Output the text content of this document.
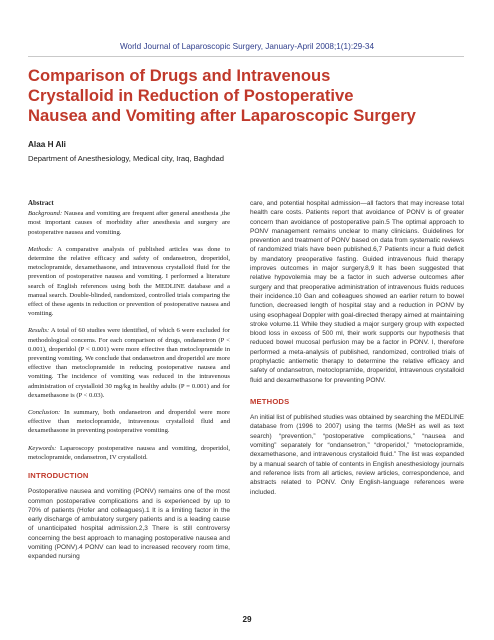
World Journal of Laparoscopic Surgery, January-April 2008;1(1):29-34
Comparison of Drugs and Intravenous
Crystalloid in Reduction of Postoperative
Nausea and Vomiting after Laparoscopic Surgery
Alaa H Ali
Department of Anesthesiology, Medical city, Iraq, Baghdad
Abstract

Background: Nausea and vomiting are frequent after general anesthesia ,the most important causes of morbidity after anesthesia and surgery are postoperative nausea and vomiting.

Methods: A comparative analysis of published articles was done to determine the relative efficacy and safety of ondansetron, droperidol, metoclopramide, dexamethasone, and intravenous crystalloid fluid for the prevention of postoperative nausea and vomiting. I performed a literature search of English references using both the MEDLINE database and a manual search. Double-blinded, randomized, controlled trials comparing the effect of these agents in reduction or prevention of postoperative nausea and vomiting.

Results: A total of 60 studies were identified, of which 6 were excluded for methodological concerns. For each comparison of drugs, ondansetron (P < 0.001), droperidol (P < 0.001) were more effective than metoclopramide in preventing vomiting. We conclude that ondansetron and droperidol are more effective than metoclopramide in reducing postoperative nausea and vomiting. The incidence of vomiting was reduced in the intravenous administration of crystalloid 30 mg/kg in healthy adults (P = 0.001) and for dexamethasone is (P < 0.03).

Conclusion: In summary, both ondansetron and droperidol were more effective than metoclopramide, intravenous crystalloid fluid and dexamethasone in preventing postoperative vomiting.

Keywords: Laparoscopy postoperative nausea and vomiting, droperidol, metoclopramide, ondansetron, IV crystalloid.

INTRODUCTION
Postoperative nausea and vomiting (PONV) remains one of the most common postoperative complications and is experienced by up to 70% of patients (Hofer and colleagues).1 It is a limiting factor in the early discharge of ambulatory surgery patients and is a leading cause of unanticipated hospital admission.2,3 There is still controversy concerning the best approach to managing postoperative nausea and vomiting (PONV).4 PONV can lead to increased recovery room time, expanded nursing
care, and potential hospital admission—all factors that may increase total health care costs. Patients report that avoidance of PONV is of greater concern than avoidance of postoperative pain.5 The optimal approach to PONV management remains unclear to many clinicians. Guidelines for prevention and treatment of PONV based on data from systematic reviews of randomized trials have been published.6,7 Patients incur a fluid deficit by mandatory preoperative fasting. Guided intravenous fluid therapy improves outcomes in major surgery.8,9 It has been suggested that relative hypovolemia may be a factor in such adverse outcomes after surgery and that preoperative administration of intravenous fluids reduces their incidence.10 Gan and colleagues showed an earlier return to bowel function, decreased length of hospital stay and a reduction in PONV by using esophageal Doppler with goal-directed therapy aimed at maintaining stroke volume.11 While they studied a major surgery group with expected blood loss in excess of 500 ml, their work supports our hypothesis that reduced bowel mucosal perfusion may be a factor in PONV. I, therefore performed a meta-analysis of published, randomized, controlled trials of prophylactic antiemetic therapy to determine the relative efficacy and safety of ondansetron, metoclopramide, droperidol, intravenous crystalloid fluid and dexamethasone for preventing PONV.
METHODS
An initial list of published studies was obtained by searching the MEDLINE database from (1996 to 2007) using the terms (MeSH as well as text search) “prevention,” “postoperative complications,” “nausea and vomiting” separately for “ondansetron,” “droperidol,” “metoclopramide, dexamethasone, and intravenous crystalloid fluid.” The list was expanded by a manual search of table of contents in English anesthesiology journals and reference lists from all articles, review articles, correspondence, and abstracts related to PONV. Only English-language references were included.
29
